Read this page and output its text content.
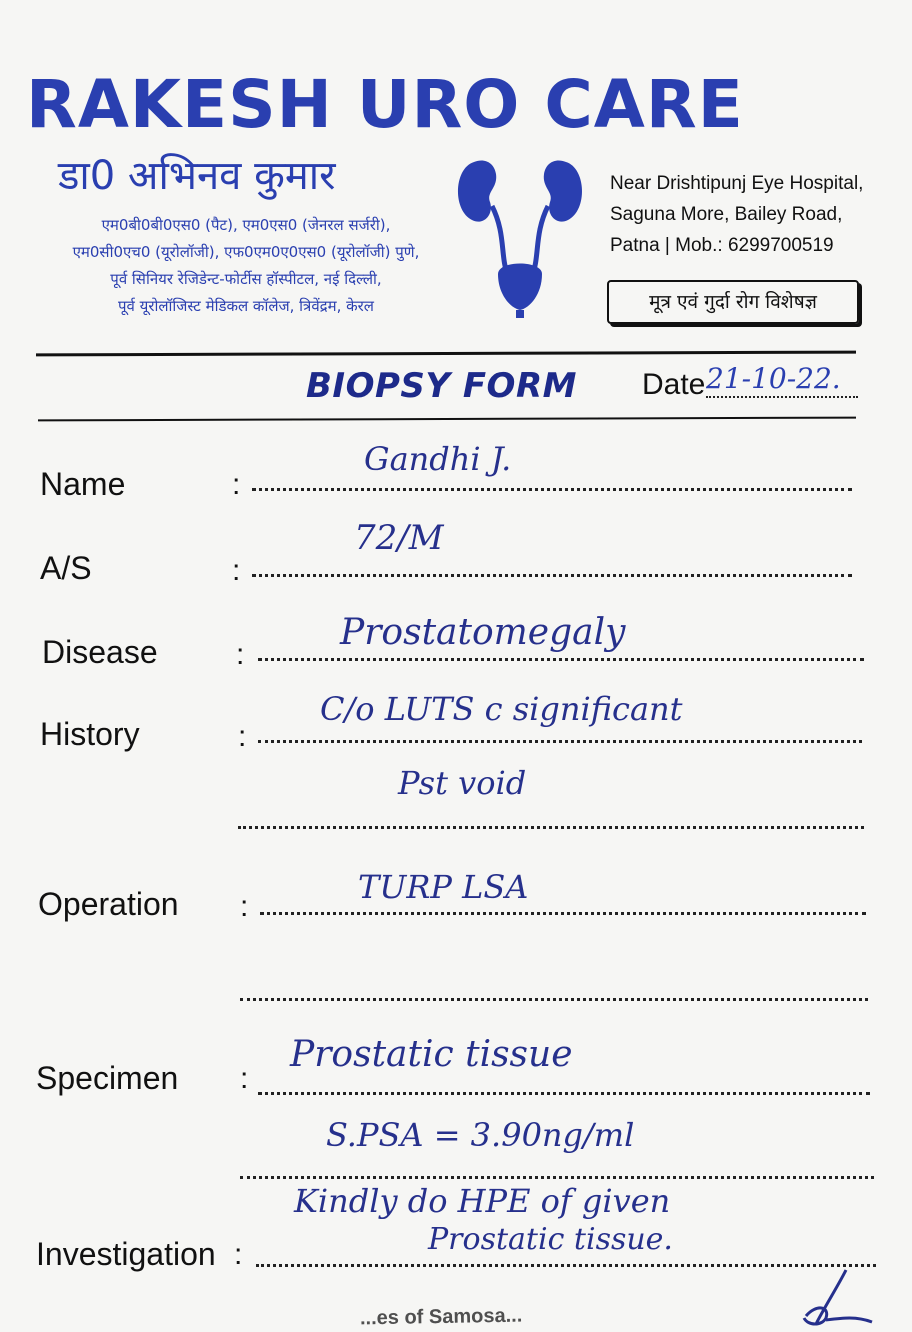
RAKESH URO CARE
डा0 अभिनव कुमार
एम0बी0बी0एस0 (पैट), एम0एस0 (जेनरल सर्जरी),
एम0सी0एच0 (यूरोलॉजी), एफ0एम0ए0एस0 (यूरोलॉजी) पुणे,
पूर्व सिनियर रेजिडेन्ट-फोर्टीस हॉस्पीटल, नई दिल्ली,
पूर्व यूरोलॉजिस्ट मेडिकल कॉलेज, त्रिवेंद्रम, केरल
Near Drishtipunj Eye Hospital,
Saguna More, Bailey Road,
Patna | Mob.: 6299700519
मूत्र एवं गुर्दा रोग विशेषज्ञ
BIOPSY FORM Date 21-10-22.
Name	:
Gandhi J.
A/S	:
72/M
Disease	:
Prostatomegaly
History	:
C/o LUTS c significant
Pst void
Operation :
TURP LSA
Specimen :
Prostatic tissue
S.PSA = 3.90ng/ml
Investigation :
Kindly do HPE of given
Prostatic tissue.
...es of Samosa...
